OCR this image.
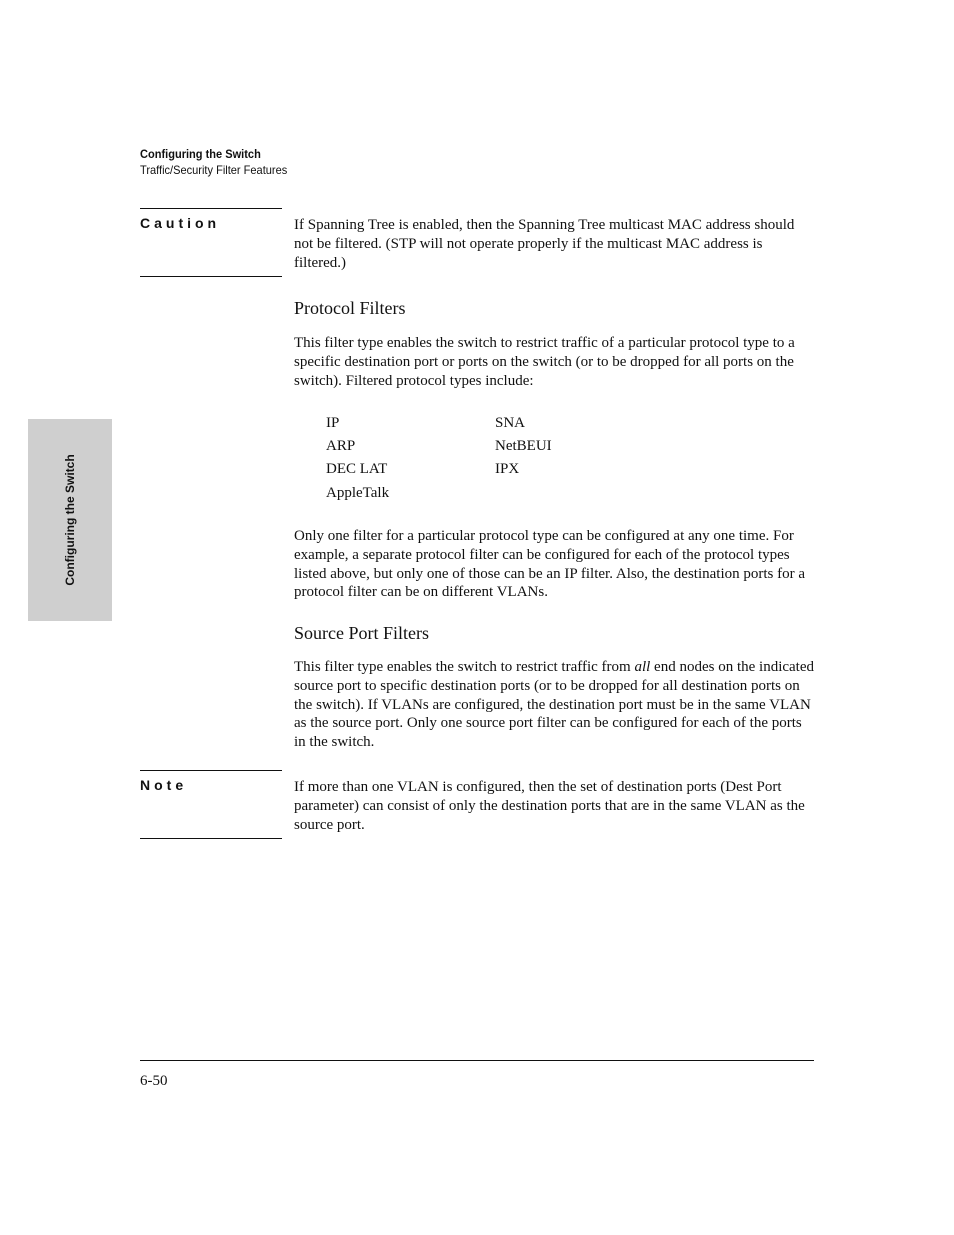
Configuring the Switch
Traffic/Security Filter Features
Configuring the Switch
Caution	If Spanning Tree is enabled, then the Spanning Tree multicast MAC address should not be filtered. (STP will not operate properly if the multicast MAC address is filtered.)
Protocol Filters
This filter type enables the switch to restrict traffic of a particular protocol type to a specific destination port or ports on the switch (or to be dropped for all ports on the switch). Filtered protocol types include:
IP
ARP
DEC LAT
AppleTalk
SNA
NetBEUI
IPX
Only one filter for a particular protocol type can be configured at any one time. For example, a separate protocol filter can be configured for each of the protocol types listed above, but only one of those can be an IP filter. Also, the destination ports for a protocol filter can be on different VLANs.
Source Port Filters
This filter type enables the switch to restrict traffic from all end nodes on the indicated source port to specific destination ports (or to be dropped for all destination ports on the switch). If VLANs are configured, the destination port must be in the same VLAN as the source port. Only one source port filter can be configured for each of the ports in the switch.
Note	If more than one VLAN is configured, then the set of destination ports (Dest Port parameter) can consist of only the destination ports that are in the same VLAN as the source port.
6-50
